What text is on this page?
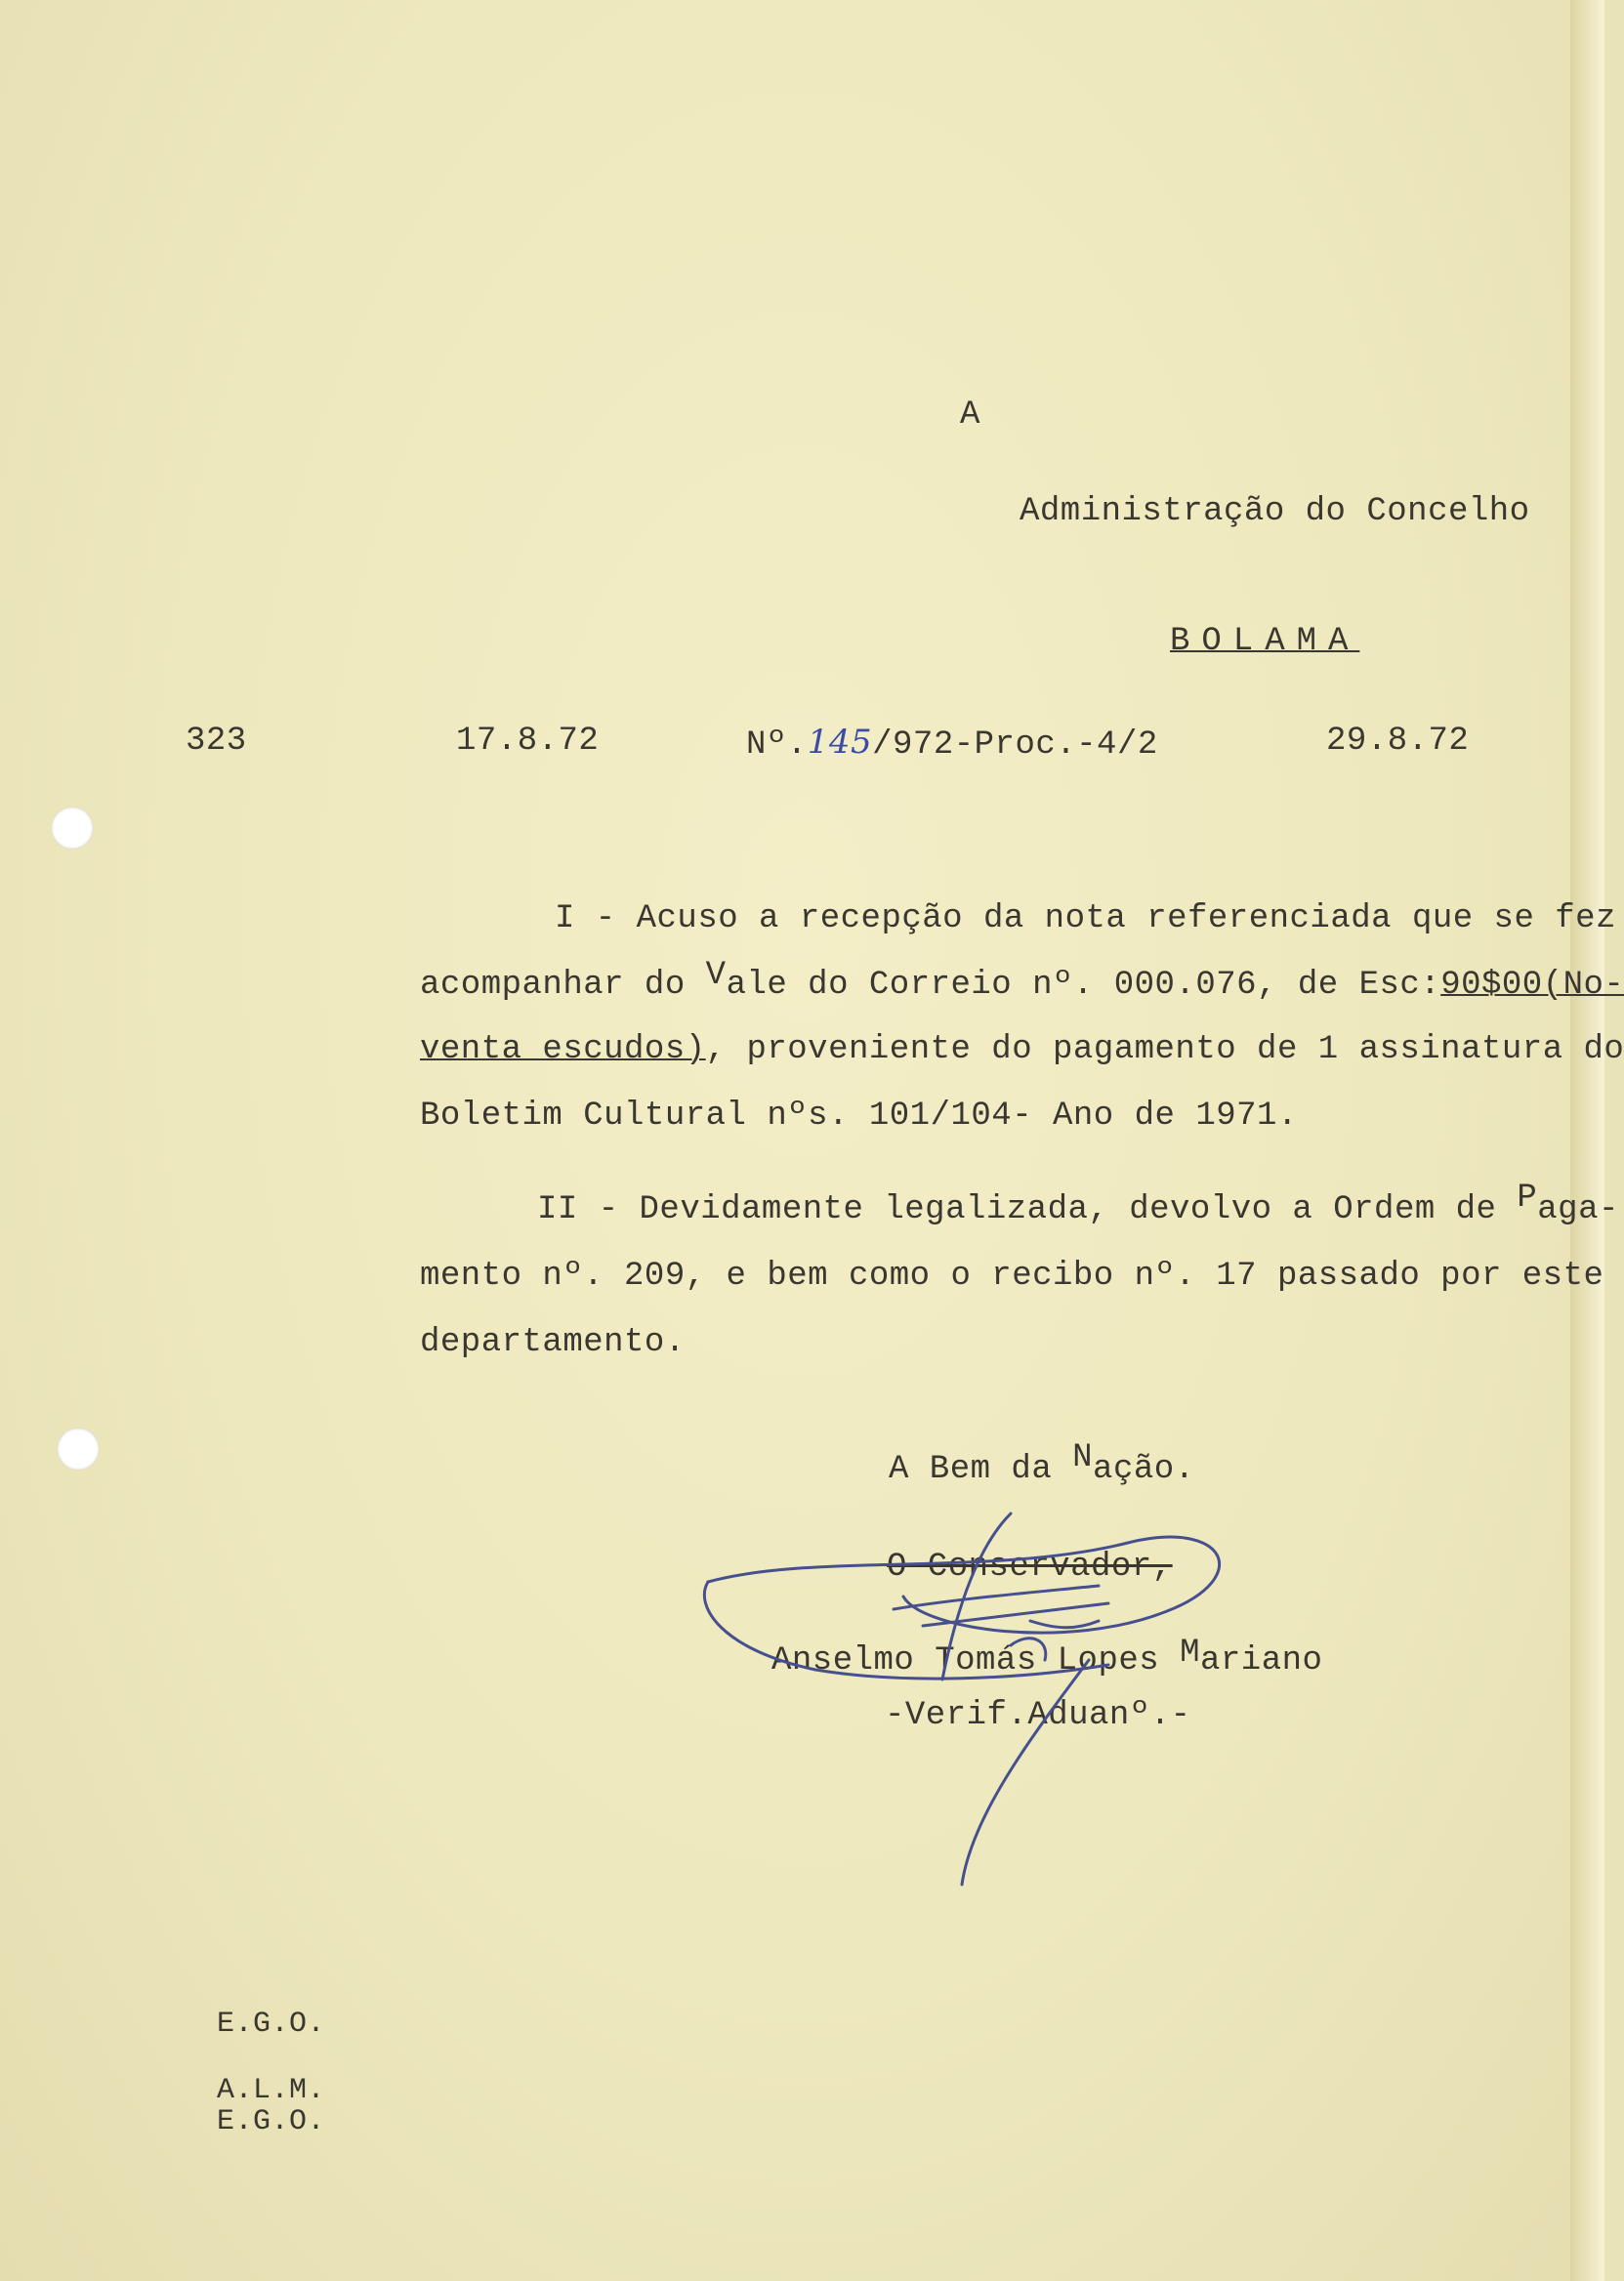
A
Administração do Concelho
BOLAMA
323	17.8.72	Nº.145/972-Proc.-4/2	29.8.72
I - Acuso a recepção da nota referenciada que se fez
acompanhar do Vale do Correio nº. 000.076, de Esc:90$00(No-
venta escudos), proveniente do pagamento de 1 assinatura do
Boletim Cultural nºs. 101/104- Ano de 1971.
II - Devidamente legalizada, devolvo a Ordem de Paga-
mento nº. 209, e bem como o recibo nº. 17 passado por este
departamento.
A Bem da Nação.
O Conservador,
Anselmo Tomás Lopes Mariano
-Verif.Aduanº.-
E.G.O.
A.L.M.
E.G.O.
